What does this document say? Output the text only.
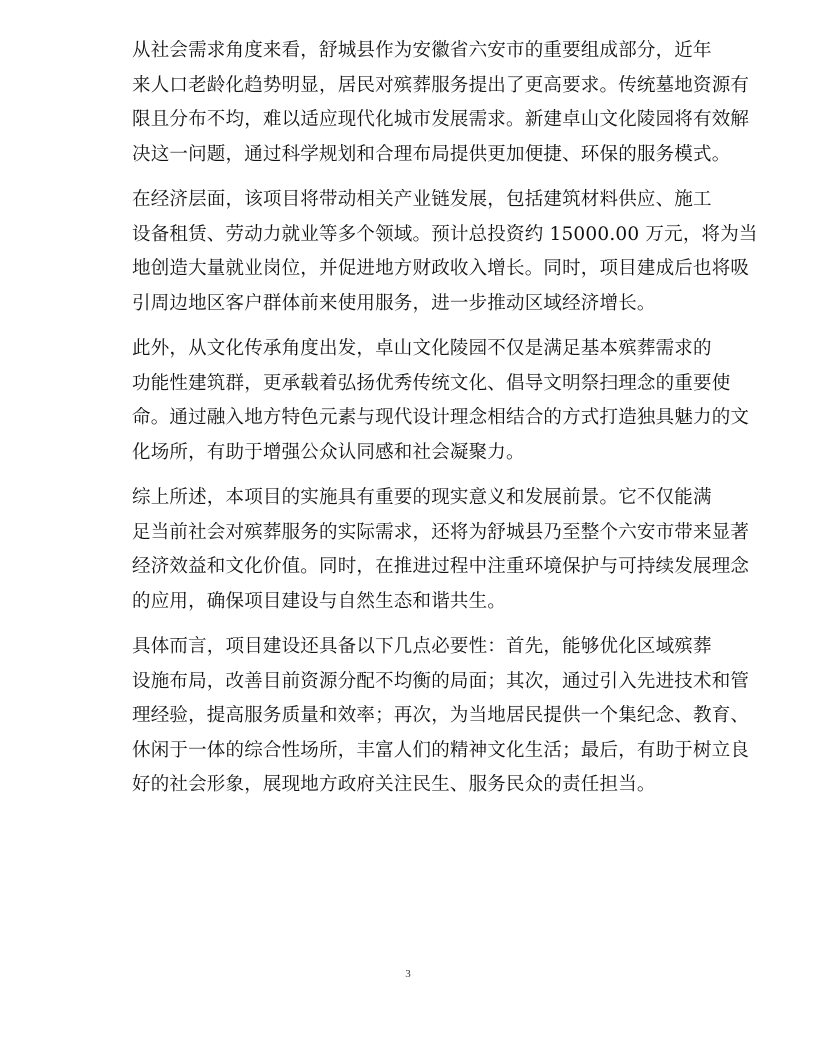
从社会需求角度来看，舒城县作为安徽省六安市的重要组成部分，近年
来人口老龄化趋势明显，居民对殡葬服务提出了更高要求。传统墓地资源有
限且分布不均，难以适应现代化城市发展需求。新建卓山文化陵园将有效解
决这一问题，通过科学规划和合理布局提供更加便捷、环保的服务模式。

在经济层面，该项目将带动相关产业链发展，包括建筑材料供应、施工
设备租赁、劳动力就业等多个领域。预计总投资约 15000.00 万元，将为当
地创造大量就业岗位，并促进地方财政收入增长。同时，项目建成后也将吸
引周边地区客户群体前来使用服务，进一步推动区域经济增长。

此外，从文化传承角度出发，卓山文化陵园不仅是满足基本殡葬需求的
功能性建筑群，更承载着弘扬优秀传统文化、倡导文明祭扫理念的重要使
命。通过融入地方特色元素与现代设计理念相结合的方式打造独具魅力的文
化场所，有助于增强公众认同感和社会凝聚力。

综上所述，本项目的实施具有重要的现实意义和发展前景。它不仅能满
足当前社会对殡葬服务的实际需求，还将为舒城县乃至整个六安市带来显著
经济效益和文化价值。同时，在推进过程中注重环境保护与可持续发展理念
的应用，确保项目建设与自然生态和谐共生。

具体而言，项目建设还具备以下几点必要性：首先，能够优化区域殡葬
设施布局，改善目前资源分配不均衡的局面；其次，通过引入先进技术和管
理经验，提高服务质量和效率；再次，为当地居民提供一个集纪念、教育、
休闲于一体的综合性场所，丰富人们的精神文化生活；最后，有助于树立良
好的社会形象，展现地方政府关注民生、服务民众的责任担当。

3
